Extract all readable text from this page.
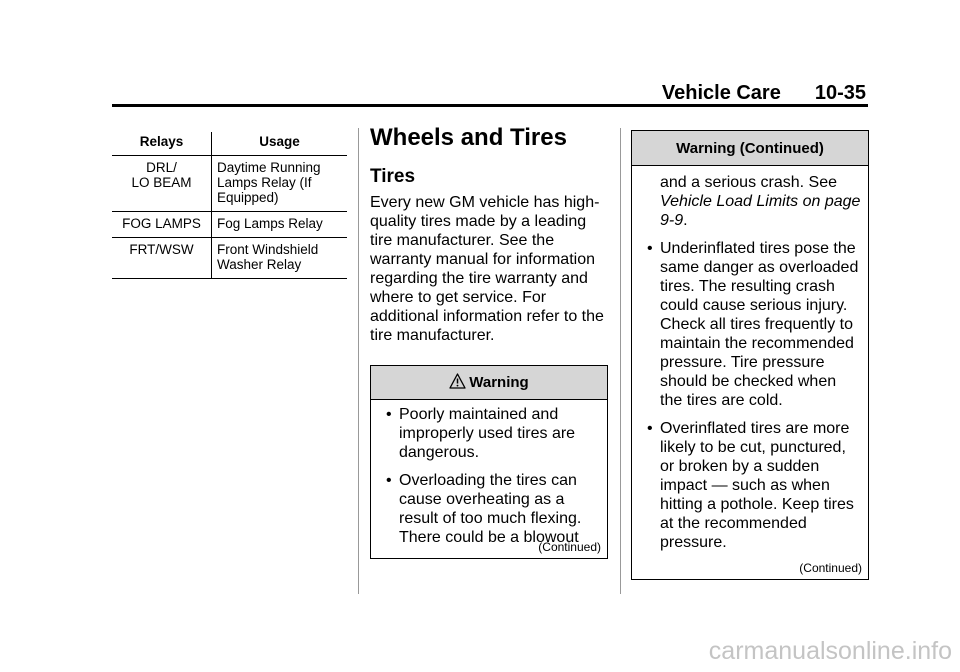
Vehicle Care 10-35
Relays	Usage

DRL/
LO BEAM	Daytime Running Lamps Relay (If Equipped)

FOG LAMPS	Fog Lamps Relay

FRT/WSW	Front Windshield Washer Relay
Wheels and Tires
Tires
Every new GM vehicle has high-quality tires made by a leading tire manufacturer. See the warranty manual for information regarding the tire warranty and where to get service. For additional information refer to the tire manufacturer.
Warning
• Poorly maintained and improperly used tires are dangerous.
• Overloading the tires can cause overheating as a result of too much flexing. There could be a blowout
(Continued)
Warning (Continued)
and a serious crash. See Vehicle Load Limits on page 9-9.
• Underinflated tires pose the same danger as overloaded tires. The resulting crash could cause serious injury. Check all tires frequently to maintain the recommended pressure. Tire pressure should be checked when the tires are cold.
• Overinflated tires are more likely to be cut, punctured, or broken by a sudden impact — such as when hitting a pothole. Keep tires at the recommended pressure.
(Continued)
carmanualsonline.info
